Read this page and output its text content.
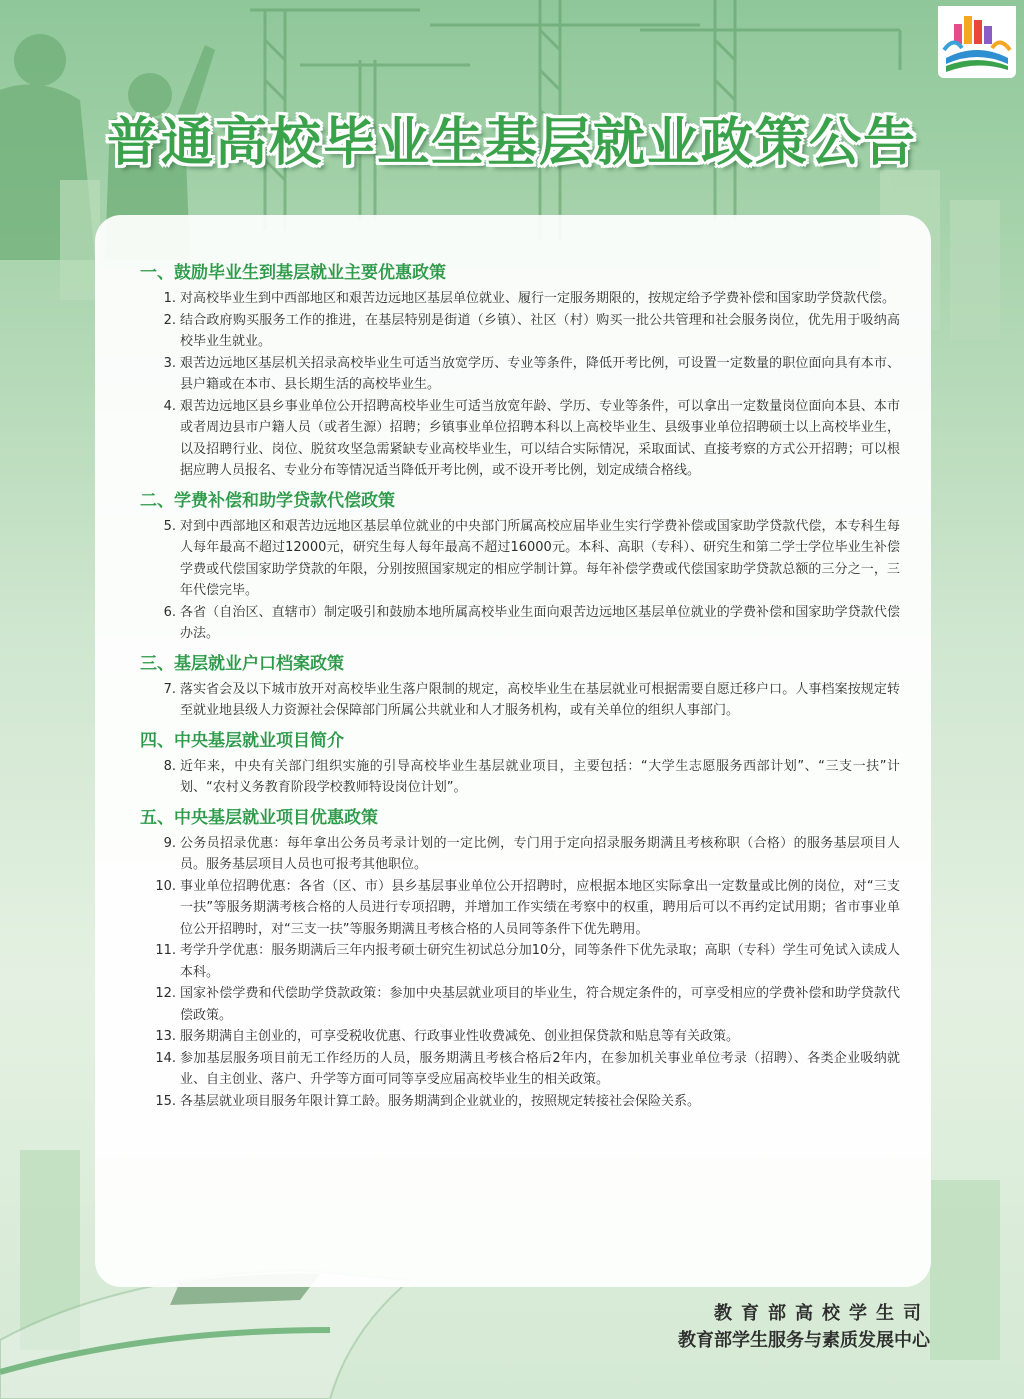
普通高校毕业生基层就业政策公告
一、鼓励毕业生到基层就业主要优惠政策
1. 对高校毕业生到中西部地区和艰苦边远地区基层单位就业、履行一定服务期限的，按规定给予学费补偿和国家助学贷款代偿。
2. 结合政府购买服务工作的推进，在基层特别是街道（乡镇）、社区（村）购买一批公共管理和社会服务岗位，优先用于吸纳高校毕业生就业。
3. 艰苦边远地区基层机关招录高校毕业生可适当放宽学历、专业等条件，降低开考比例，可设置一定数量的职位面向具有本市、县户籍或在本市、县长期生活的高校毕业生。
4. 艰苦边远地区县乡事业单位公开招聘高校毕业生可适当放宽年龄、学历、专业等条件，可以拿出一定数量岗位面向本县、本市或者周边县市户籍人员（或者生源）招聘；乡镇事业单位招聘本科以上高校毕业生、县级事业单位招聘硕士以上高校毕业生，以及招聘行业、岗位、脱贫攻坚急需紧缺专业高校毕业生，可以结合实际情况，采取面试、直接考察的方式公开招聘；可以根据应聘人员报名、专业分布等情况适当降低开考比例，或不设开考比例，划定成绩合格线。
二、学费补偿和助学贷款代偿政策
5. 对到中西部地区和艰苦边远地区基层单位就业的中央部门所属高校应届毕业生实行学费补偿或国家助学贷款代偿，本专科生每人每年最高不超过12000元，研究生每人每年最高不超过16000元。本科、高职（专科）、研究生和第二学士学位毕业生补偿学费或代偿国家助学贷款的年限，分别按照国家规定的相应学制计算。每年补偿学费或代偿国家助学贷款总额的三分之一，三年代偿完毕。
6. 各省（自治区、直辖市）制定吸引和鼓励本地所属高校毕业生面向艰苦边远地区基层单位就业的学费补偿和国家助学贷款代偿办法。
三、基层就业户口档案政策
7. 落实省会及以下城市放开对高校毕业生落户限制的规定，高校毕业生在基层就业可根据需要自愿迁移户口。人事档案按规定转至就业地县级人力资源社会保障部门所属公共就业和人才服务机构，或有关单位的组织人事部门。
四、中央基层就业项目简介
8. 近年来，中央有关部门组织实施的引导高校毕业生基层就业项目，主要包括：“大学生志愿服务西部计划”、“三支一扶”计划、“农村义务教育阶段学校教师特设岗位计划”。
五、中央基层就业项目优惠政策
9. 公务员招录优惠：每年拿出公务员考录计划的一定比例，专门用于定向招录服务期满且考核称职（合格）的服务基层项目人员。服务基层项目人员也可报考其他职位。
10. 事业单位招聘优惠：各省（区、市）县乡基层事业单位公开招聘时，应根据本地区实际拿出一定数量或比例的岗位，对“三支一扶”等服务期满考核合格的人员进行专项招聘，并增加工作实绩在考察中的权重，聘用后可以不再约定试用期；省市事业单位公开招聘时，对“三支一扶”等服务期满且考核合格的人员同等条件下优先聘用。
11. 考学升学优惠：服务期满后三年内报考硕士研究生初试总分加10分，同等条件下优先录取；高职（专科）学生可免试入读成人本科。
12. 国家补偿学费和代偿助学贷款政策：参加中央基层就业项目的毕业生，符合规定条件的，可享受相应的学费补偿和助学贷款代偿政策。
13. 服务期满自主创业的，可享受税收优惠、行政事业性收费减免、创业担保贷款和贴息等有关政策。
14. 参加基层服务项目前无工作经历的人员，服务期满且考核合格后2年内，在参加机关事业单位考录（招聘）、各类企业吸纳就业、自主创业、落户、升学等方面可同等享受应届高校毕业生的相关政策。
15. 各基层就业项目服务年限计算工龄。服务期满到企业就业的，按照规定转接社会保险关系。
教育部高校学生司
教育部学生服务与素质发展中心
